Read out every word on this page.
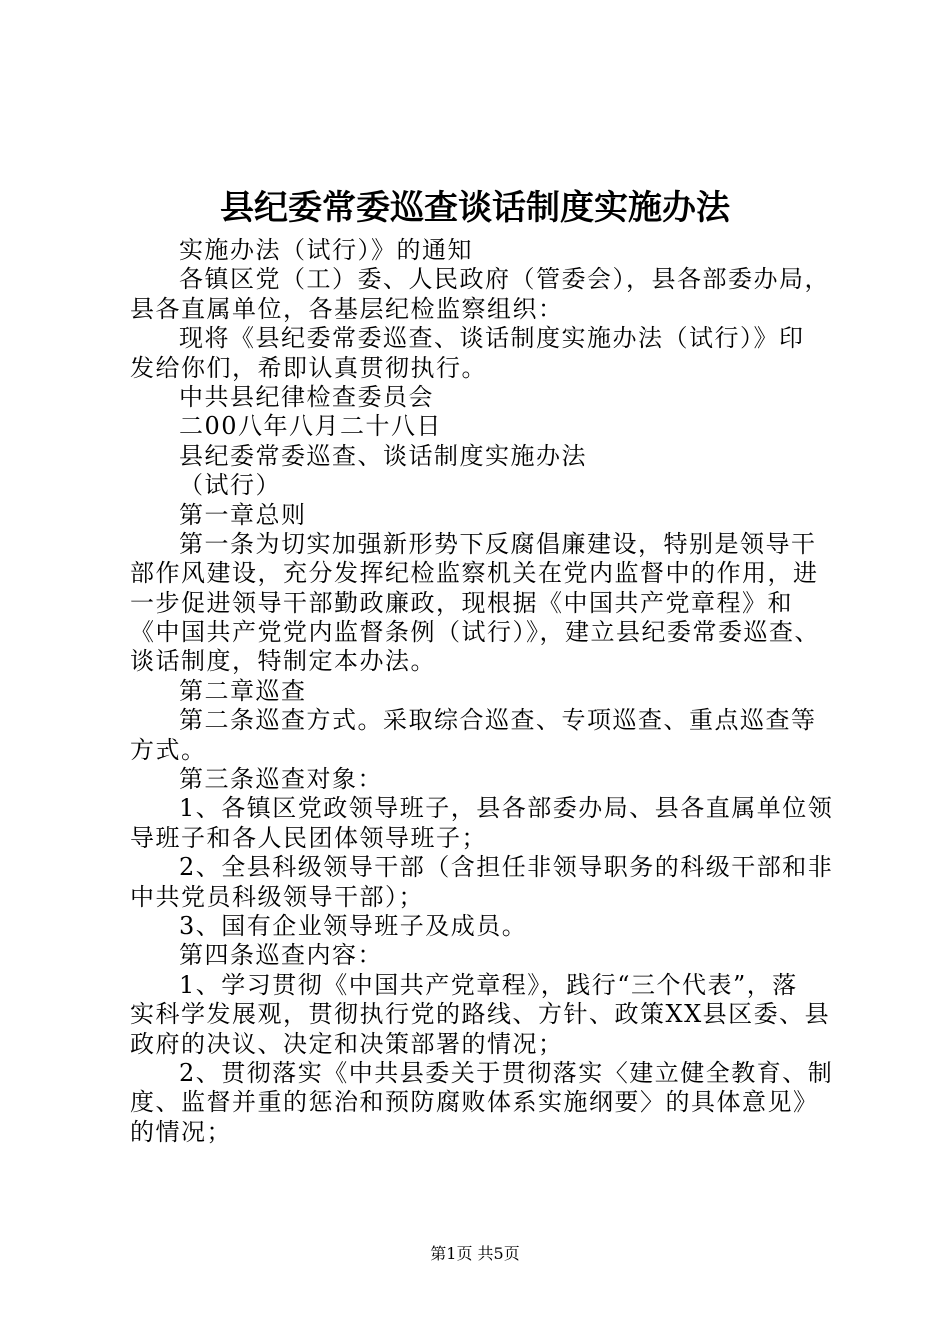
县纪委常委巡查谈话制度实施办法
实施办法（试行）》的通知
各镇区党（工）委、人民政府（管委会），县各部委办局，
县各直属单位，各基层纪检监察组织：
现将《县纪委常委巡查、谈话制度实施办法（试行）》印
发给你们，希即认真贯彻执行。
中共县纪律检查委员会
二00八年八月二十八日
县纪委常委巡查、谈话制度实施办法
（试行）
第一章总则
第一条为切实加强新形势下反腐倡廉建设，特别是领导干
部作风建设，充分发挥纪检监察机关在党内监督中的作用，进
一步促进领导干部勤政廉政，现根据《中国共产党章程》和
《中国共产党党内监督条例（试行）》，建立县纪委常委巡查、
谈话制度，特制定本办法。
第二章巡查
第二条巡查方式。采取综合巡查、专项巡查、重点巡查等
方式。
第三条巡查对象：
1、各镇区党政领导班子，县各部委办局、县各直属单位领
导班子和各人民团体领导班子；
2、全县科级领导干部（含担任非领导职务的科级干部和非
中共党员科级领导干部）；
3、国有企业领导班子及成员。
第四条巡查内容：
1、学习贯彻《中国共产党章程》，践行“三个代表”，落
实科学发展观，贯彻执行党的路线、方针、政策XX县区委、县
政府的决议、决定和决策部署的情况；
2、贯彻落实《中共县委关于贯彻落实〈建立健全教育、制
度、监督并重的惩治和预防腐败体系实施纲要〉的具体意见》
的情况；
第1页 共5页
